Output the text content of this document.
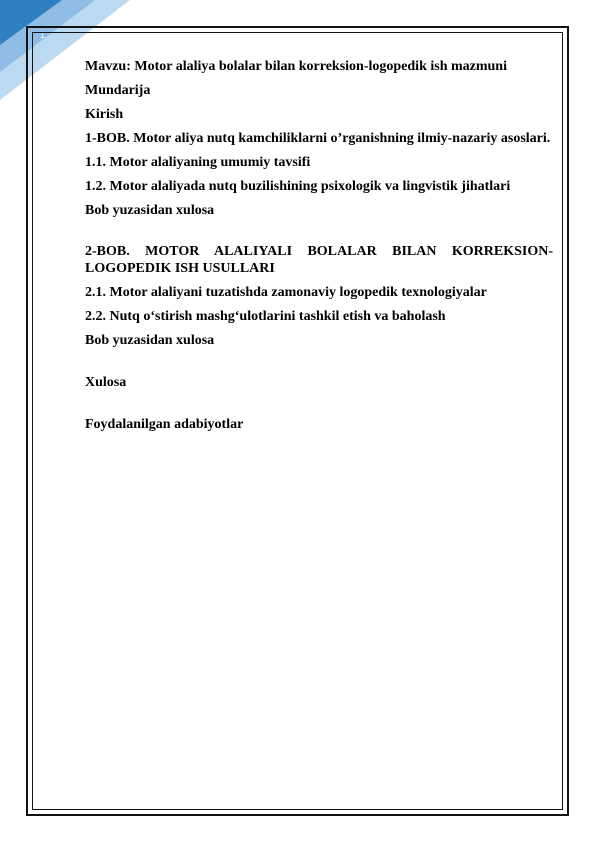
1

Mavzu: Motor alaliya bolalar bilan korreksion-logopedik ish mazmuni

Mundarija

Kirish

1-BOB. Motor aliya nutq kamchiliklarni o’rganishning ilmiy-nazariy asoslari.

1.1. Motor alaliyaning umumiy tavsifi

1.2. Motor alaliyada nutq buzilishining psixologik va lingvistik jihatlari

Bob yuzasidan xulosa

2-BOB. MOTOR ALALIYALI BOLALAR BILAN KORREKSION-LOGOPEDIK ISH USULLARI

2.1. Motor alaliyani tuzatishda zamonaviy logopedik texnologiyalar

2.2. Nutq o‘stirish mashg‘ulotlarini tashkil etish va baholash

Bob yuzasidan xulosa

Xulosa

Foydalanilgan adabiyotlar
